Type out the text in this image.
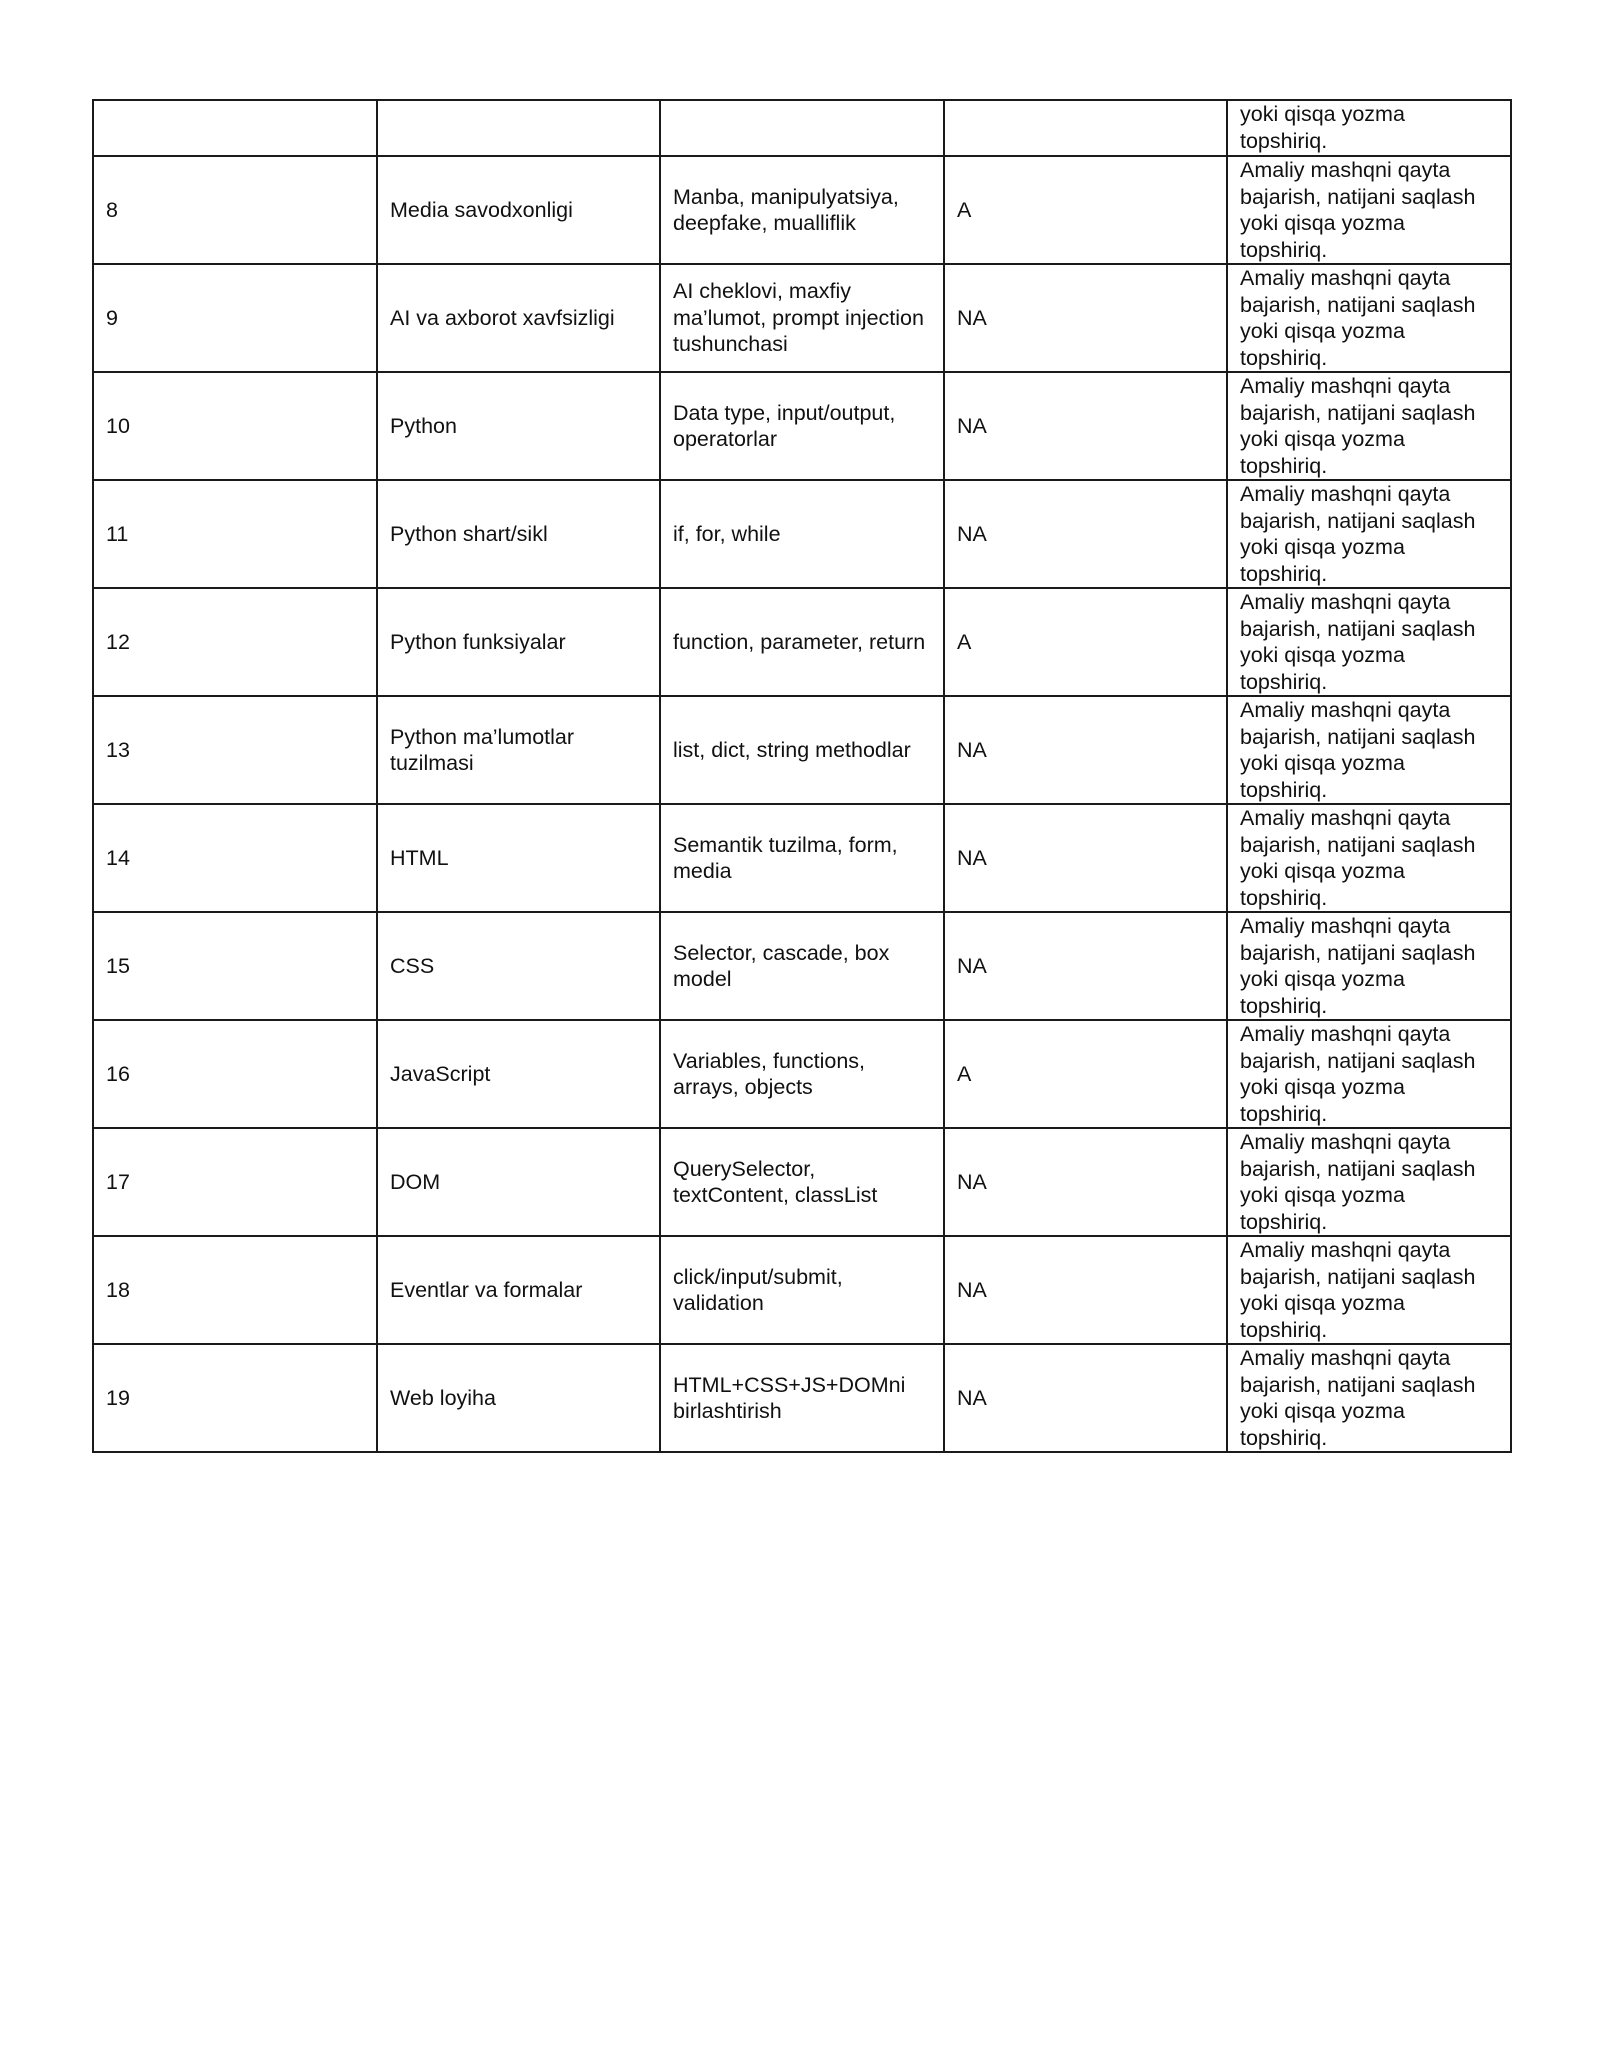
				yoki qisqa yozma topshiriq.
8	Media savodxonligi	Manba, manipulyatsiya, deepfake, mualliflik	A	Amaliy mashqni qayta bajarish, natijani saqlash yoki qisqa yozma topshiriq.
9	AI va axborot xavfsizligi	AI cheklovi, maxfiy ma’lumot, prompt injection tushunchasi	NA	Amaliy mashqni qayta bajarish, natijani saqlash yoki qisqa yozma topshiriq.
10	Python	Data type, input/output, operatorlar	NA	Amaliy mashqni qayta bajarish, natijani saqlash yoki qisqa yozma topshiriq.
11	Python shart/sikl	if, for, while	NA	Amaliy mashqni qayta bajarish, natijani saqlash yoki qisqa yozma topshiriq.
12	Python funksiyalar	function, parameter, return	A	Amaliy mashqni qayta bajarish, natijani saqlash yoki qisqa yozma topshiriq.
13	Python ma’lumotlar tuzilmasi	list, dict, string methodlar	NA	Amaliy mashqni qayta bajarish, natijani saqlash yoki qisqa yozma topshiriq.
14	HTML	Semantik tuzilma, form, media	NA	Amaliy mashqni qayta bajarish, natijani saqlash yoki qisqa yozma topshiriq.
15	CSS	Selector, cascade, box model	NA	Amaliy mashqni qayta bajarish, natijani saqlash yoki qisqa yozma topshiriq.
16	JavaScript	Variables, functions, arrays, objects	A	Amaliy mashqni qayta bajarish, natijani saqlash yoki qisqa yozma topshiriq.
17	DOM	QuerySelector, textContent, classList	NA	Amaliy mashqni qayta bajarish, natijani saqlash yoki qisqa yozma topshiriq.
18	Eventlar va formalar	click/input/submit, validation	NA	Amaliy mashqni qayta bajarish, natijani saqlash yoki qisqa yozma topshiriq.
19	Web loyiha	HTML+CSS+JS+DOMni birlashtirish	NA	Amaliy mashqni qayta bajarish, natijani saqlash yoki qisqa yozma topshiriq.
